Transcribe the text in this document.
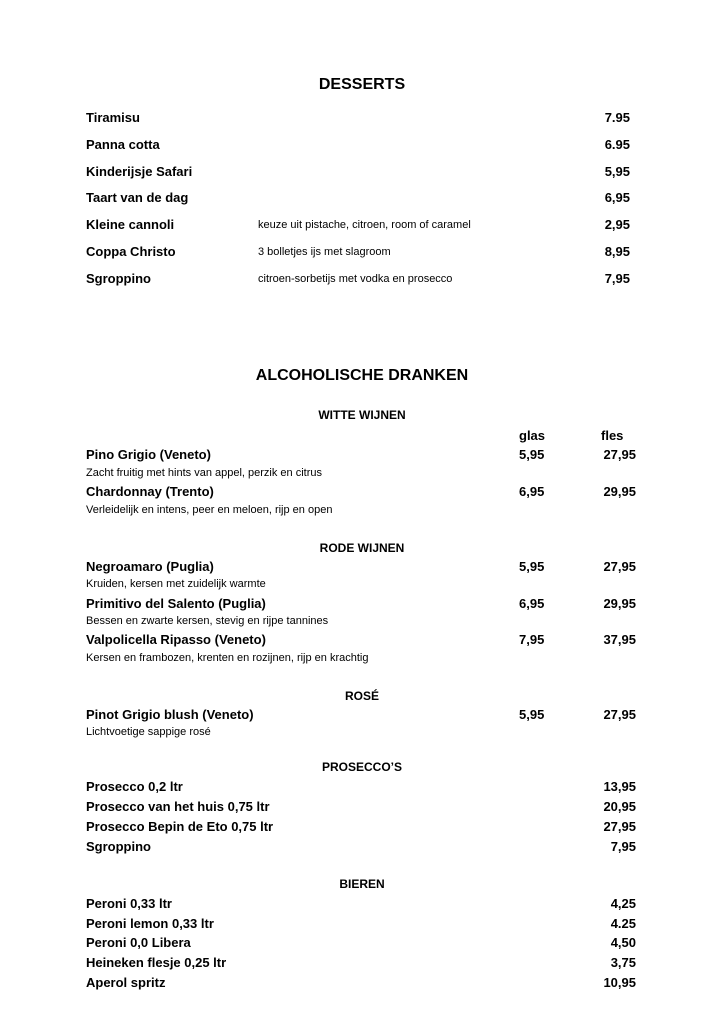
DESSERTS
Tiramisu	7.95
Panna cotta	6.95
Kinderijsje Safari	5,95
Taart van de dag	6,95
Kleine cannoli	keuze uit pistache, citroen, room of caramel	2,95
Coppa Christo	3 bolletjes ijs met slagroom	8,95
Sgroppino	citroen-sorbetijs met vodka en prosecco	7,95
ALCOHOLISCHE DRANKEN
WITTE WIJNEN
glas	fles
Pino Grigio (Veneto)	5,95	27,95
Zacht fruitig met hints van appel, perzik en citrus
Chardonnay (Trento)	6,95	29,95
Verleidelijk en intens, peer en meloen, rijp en open
RODE WIJNEN
Negroamaro (Puglia)	5,95	27,95
Kruiden, kersen met zuidelijk warmte
Primitivo del Salento (Puglia)	6,95	29,95
Bessen en zwarte kersen, stevig en rijpe tannines
Valpolicella Ripasso (Veneto)	7,95	37,95
Kersen en frambozen, krenten en rozijnen, rijp en krachtig
ROSÉ
Pinot Grigio blush (Veneto)	5,95	27,95
Lichtvoetige sappige rosé
PROSECCO’S
Prosecco 0,2 ltr	13,95
Prosecco van het huis 0,75 ltr	20,95
Prosecco Bepin de Eto 0,75 ltr	27,95
Sgroppino	7,95
BIEREN
Peroni 0,33 ltr	4,25
Peroni lemon 0,33 ltr	4.25
Peroni 0,0 Libera	4,50
Heineken flesje 0,25 ltr	3,75
Aperol spritz	10,95
